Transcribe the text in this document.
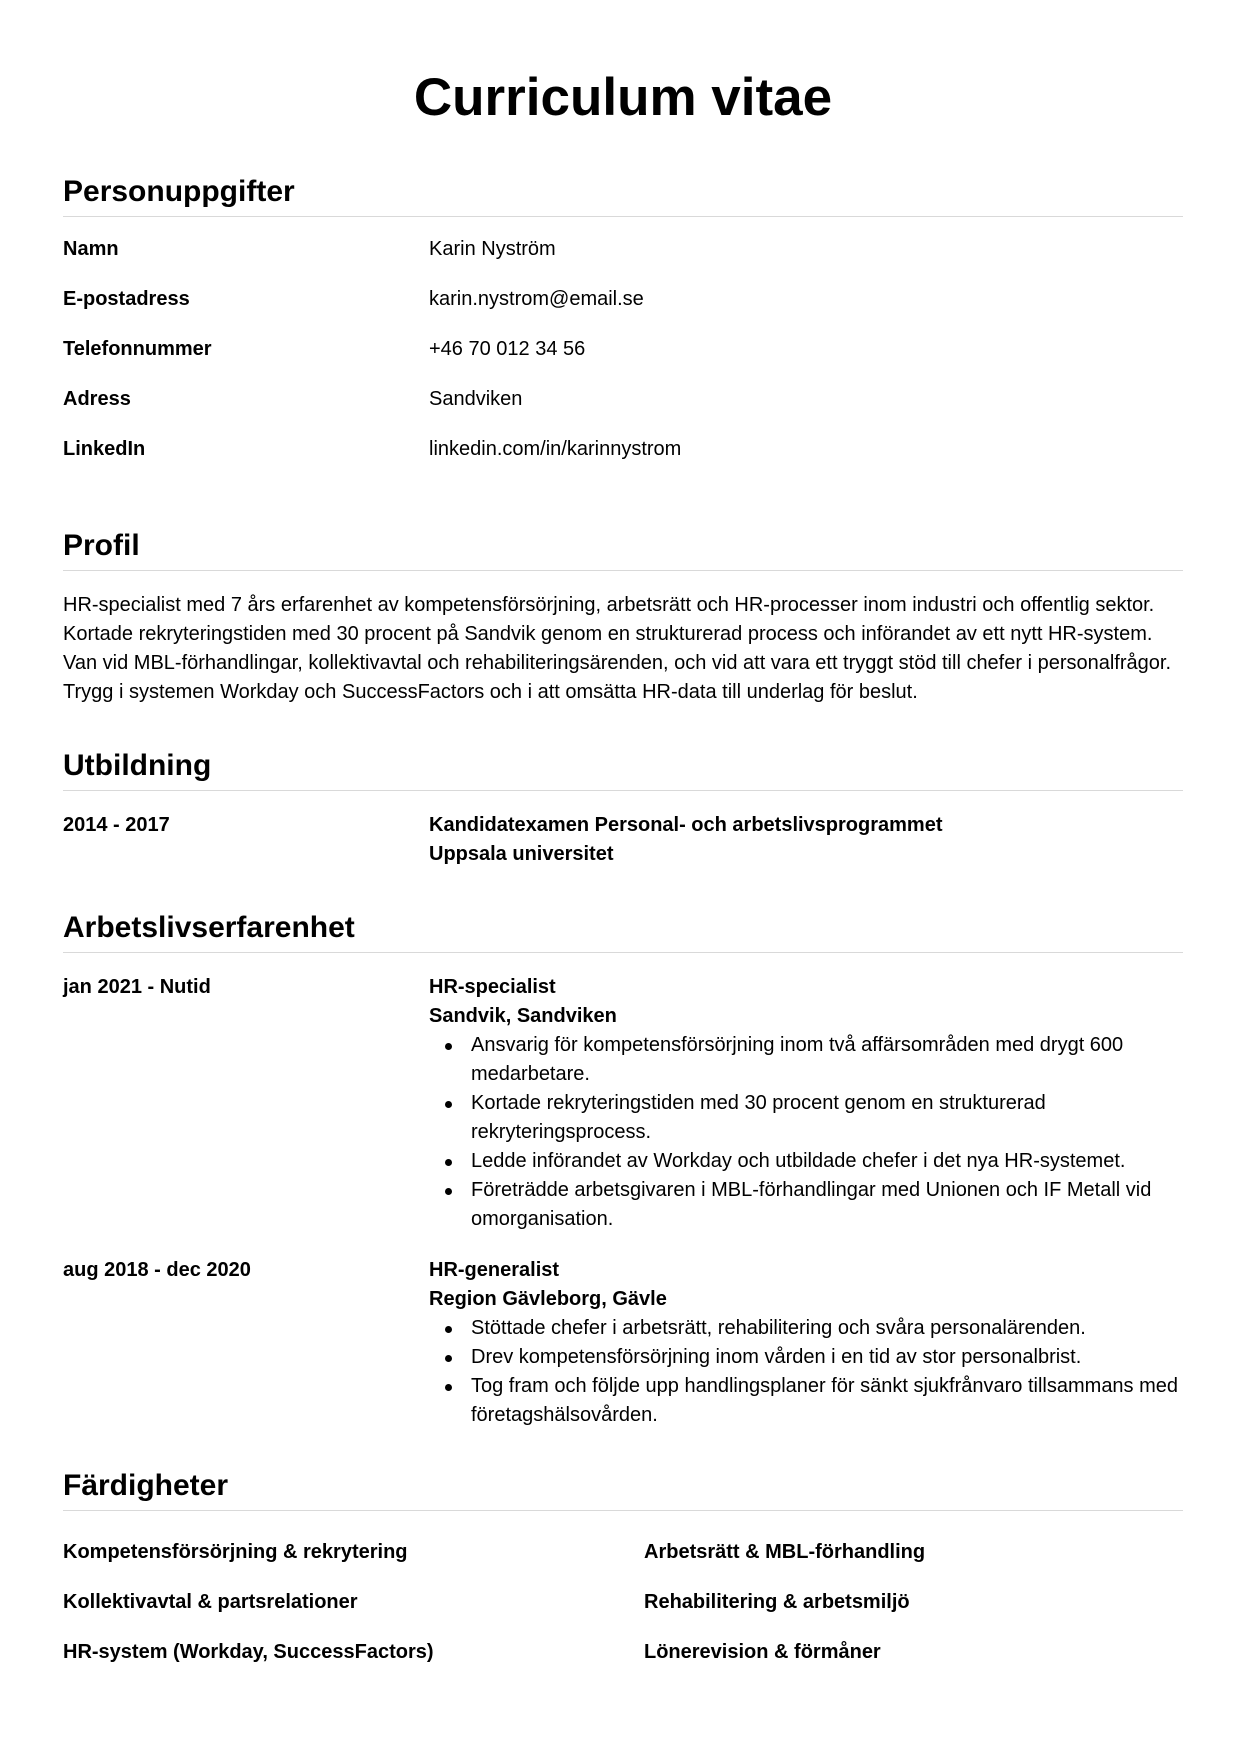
Curriculum vitae
Personuppgifter
Namn	Karin Nyström
E-postadress	karin.nystrom@email.se
Telefonnummer	+46 70 012 34 56
Adress	Sandviken
LinkedIn	linkedin.com/in/karinnystrom
Profil

HR-specialist med 7 års erfarenhet av kompetensförsörjning, arbetsrätt och HR-processer inom industri och offentlig sektor. Kortade rekryteringstiden med 30 procent på Sandvik genom en strukturerad process och införandet av ett nytt HR-system. Van vid MBL-förhandlingar, kollektivavtal och rehabiliteringsärenden, och vid att vara ett tryggt stöd till chefer i personalfrågor. Trygg i systemen Workday och SuccessFactors och i att omsätta HR-data till underlag för beslut.

Utbildning
2014 - 2017	Kandidatexamen Personal- och arbetslivsprogrammet
Uppsala universitet
Arbetslivserfarenhet
jan 2021 - Nutid	HR-specialist
Sandvik, Sandviken
Ansvarig för kompetensförsörjning inom två affärsområden med drygt 600 medarbetare.
Kortade rekryteringstiden med 30 procent genom en strukturerad rekryteringsprocess.
Ledde införandet av Workday och utbildade chefer i det nya HR-systemet.
Företrädde arbetsgivaren i MBL-förhandlingar med Unionen och IF Metall vid omorganisation.
aug 2018 - dec 2020	HR-generalist
Region Gävleborg, Gävle
Stöttade chefer i arbetsrätt, rehabilitering och svåra personalärenden.
Drev kompetensförsörjning inom vården i en tid av stor personalbrist.
Tog fram och följde upp handlingsplaner för sänkt sjukfrånvaro tillsammans med företagshälsovården.
Färdigheter
Kompetensförsörjning & rekrytering	Arbetsrätt & MBL-förhandling
Kollektivavtal & partsrelationer	Rehabilitering & arbetsmiljö
HR-system (Workday, SuccessFactors)	Lönerevision & förmåner
